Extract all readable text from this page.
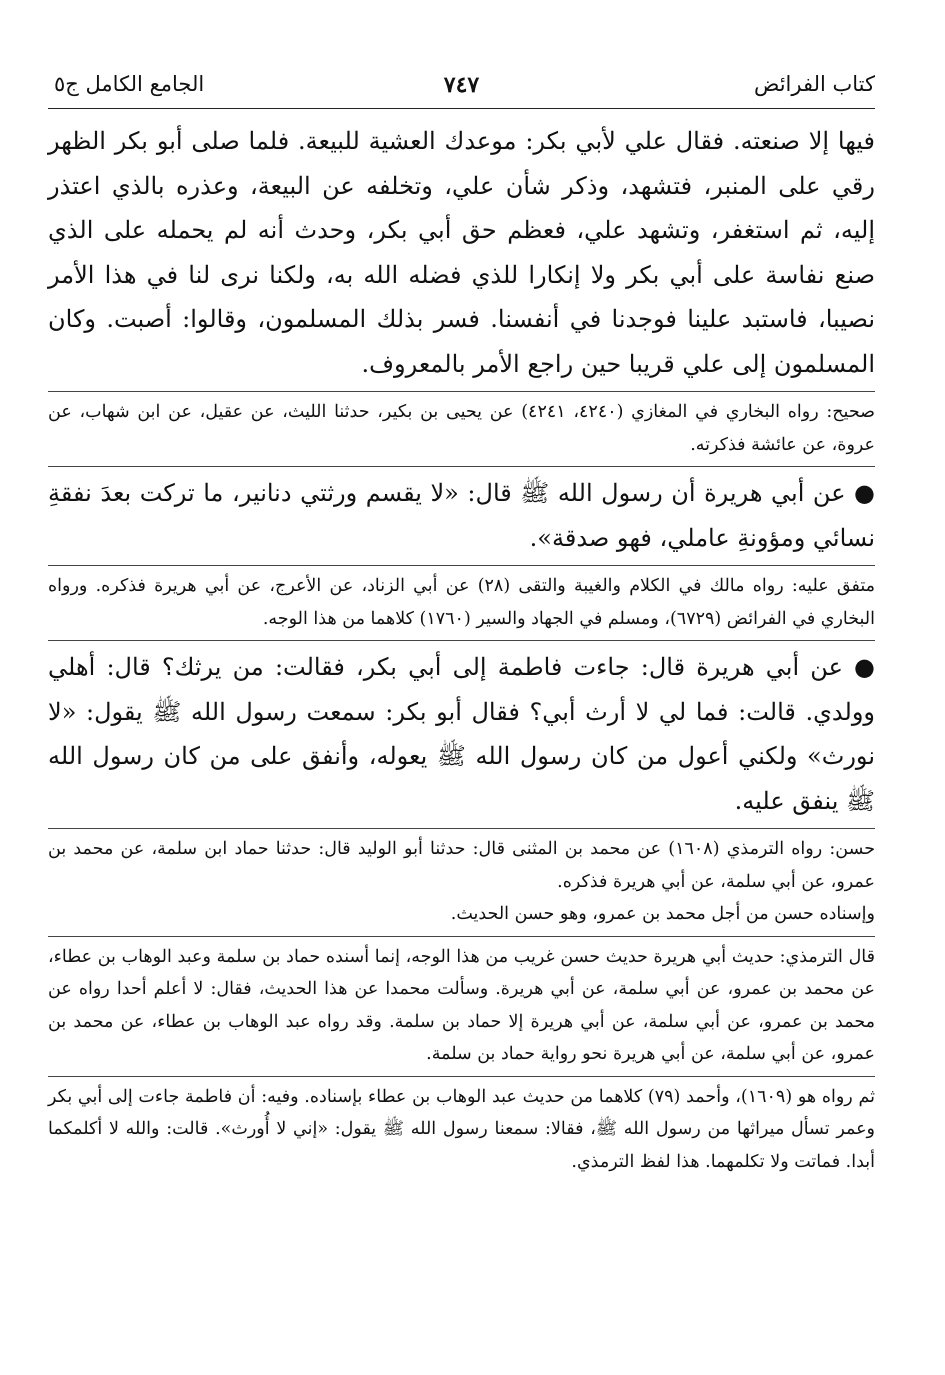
كتاب الفرائض
٧٤٧
الجامع الكامل ج٥

فيها إلا صنعته. فقال علي لأبي بكر: موعدك العشية للبيعة. فلما صلى أبو بكر الظهر رقي على المنبر، فتشهد، وذكر شأن علي، وتخلفه عن البيعة، وعذره بالذي اعتذر إليه، ثم استغفر، وتشهد علي، فعظم حق أبي بكر، وحدث أنه لم يحمله على الذي صنع نفاسة على أبي بكر ولا إنكارا للذي فضله الله به، ولكنا نرى لنا في هذا الأمر نصيبا، فاستبد علينا فوجدنا في أنفسنا. فسر بذلك المسلمون، وقالوا: أصبت. وكان المسلمون إلى علي قريبا حين راجع الأمر بالمعروف.

صحيح: رواه البخاري في المغازي (٤٢٤٠، ٤٢٤١) عن يحيى بن بكير، حدثنا الليث، عن عقيل، عن ابن شهاب، عن عروة، عن عائشة فذكرته.

● عن أبي هريرة أن رسول الله ﷺ قال: «لا يقسم ورثتي دنانير، ما تركت بعدَ نفقةِ نسائي ومؤونةِ عاملي، فهو صدقة».

متفق عليه: رواه مالك في الكلام والغيبة والتقى (٢٨) عن أبي الزناد، عن الأعرج، عن أبي هريرة فذكره. ورواه البخاري في الفرائض (٦٧٢٩)، ومسلم في الجهاد والسير (١٧٦٠) كلاهما من هذا الوجه.

● عن أبي هريرة قال: جاءت فاطمة إلى أبي بكر، فقالت: من يرثك؟ قال: أهلي وولدي. قالت: فما لي لا أرث أبي؟ فقال أبو بكر: سمعت رسول الله ﷺ يقول: «لا نورث» ولكني أعول من كان رسول الله ﷺ يعوله، وأنفق على من كان رسول الله ﷺ ينفق عليه.

حسن: رواه الترمذي (١٦٠٨) عن محمد بن المثنى قال: حدثنا أبو الوليد قال: حدثنا حماد ابن سلمة، عن محمد بن عمرو، عن أبي سلمة، عن أبي هريرة فذكره.

وإسناده حسن من أجل محمد بن عمرو، وهو حسن الحديث.

قال الترمذي: حديث أبي هريرة حديث حسن غريب من هذا الوجه، إنما أسنده حماد بن سلمة وعبد الوهاب بن عطاء، عن محمد بن عمرو، عن أبي سلمة، عن أبي هريرة. وسألت محمدا عن هذا الحديث، فقال: لا أعلم أحدا رواه عن محمد بن عمرو، عن أبي سلمة، عن أبي هريرة إلا حماد بن سلمة. وقد رواه عبد الوهاب بن عطاء، عن محمد بن عمرو، عن أبي سلمة، عن أبي هريرة نحو رواية حماد بن سلمة.

ثم رواه هو (١٦٠٩)، وأحمد (٧٩) كلاهما من حديث عبد الوهاب بن عطاء بإسناده. وفيه: أن فاطمة جاءت إلى أبي بكر وعمر تسأل ميراثها من رسول الله ﷺ، فقالا: سمعنا رسول الله ﷺ يقول: «إني لا أُورث». قالت: والله لا أكلمكما أبدا. فماتت ولا تكلمهما. هذا لفظ الترمذي.
